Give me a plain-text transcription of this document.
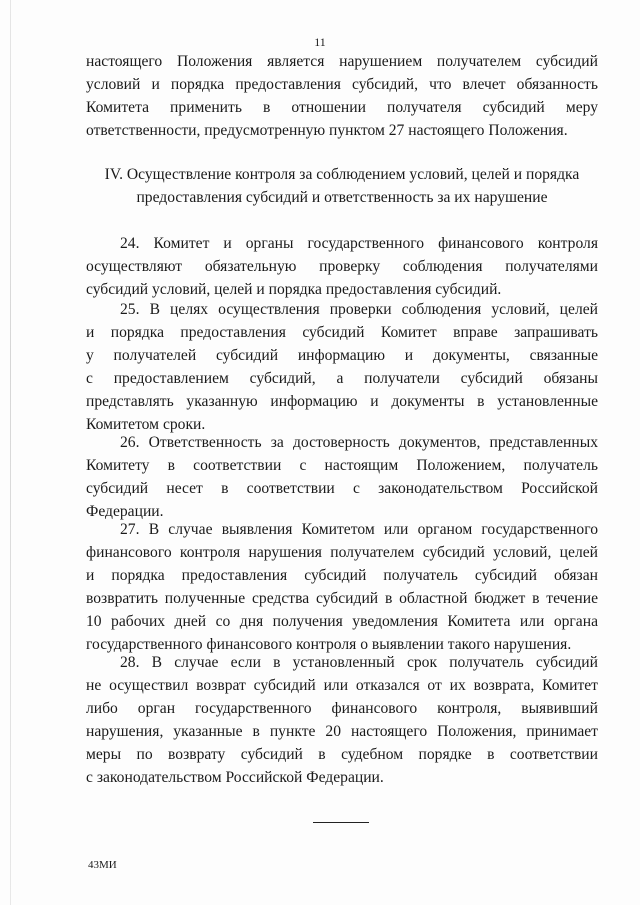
11
настоящего Положения является нарушением получателем субсидий
условий и порядка предоставления субсидий, что влечет обязанность
Комитета применить в отношении получателя субсидий меру
ответственности, предусмотренную пунктом 27 настоящего Положения.
IV. Осуществление контроля за соблюдением условий, целей и порядка
предоставления субсидий и ответственность за их нарушение
24. Комитет и органы государственного финансового контроля
осуществляют обязательную проверку соблюдения получателями
субсидий условий, целей и порядка предоставления субсидий.
25. В целях осуществления проверки соблюдения условий, целей
и порядка предоставления субсидий Комитет вправе запрашивать
у получателей субсидий информацию и документы, связанные
с предоставлением субсидий, а получатели субсидий обязаны
представлять указанную информацию и документы в установленные
Комитетом сроки.
26. Ответственность за достоверность документов, представленных
Комитету в соответствии с настоящим Положением, получатель
субсидий несет в соответствии с законодательством Российской
Федерации.
27. В случае выявления Комитетом или органом государственного
финансового контроля нарушения получателем субсидий условий, целей
и порядка предоставления субсидий получатель субсидий обязан
возвратить полученные средства субсидий в областной бюджет в течение
10 рабочих дней со дня получения уведомления Комитета или органа
государственного финансового контроля о выявлении такого нарушения.
28. В случае если в установленный срок получатель субсидий
не осуществил возврат субсидий или отказался от их возврата, Комитет
либо орган государственного финансового контроля, выявивший
нарушения, указанные в пункте 20 настоящего Положения, принимает
меры по возврату субсидий в судебном порядке в соответствии
с законодательством Российской Федерации.
43МИ
